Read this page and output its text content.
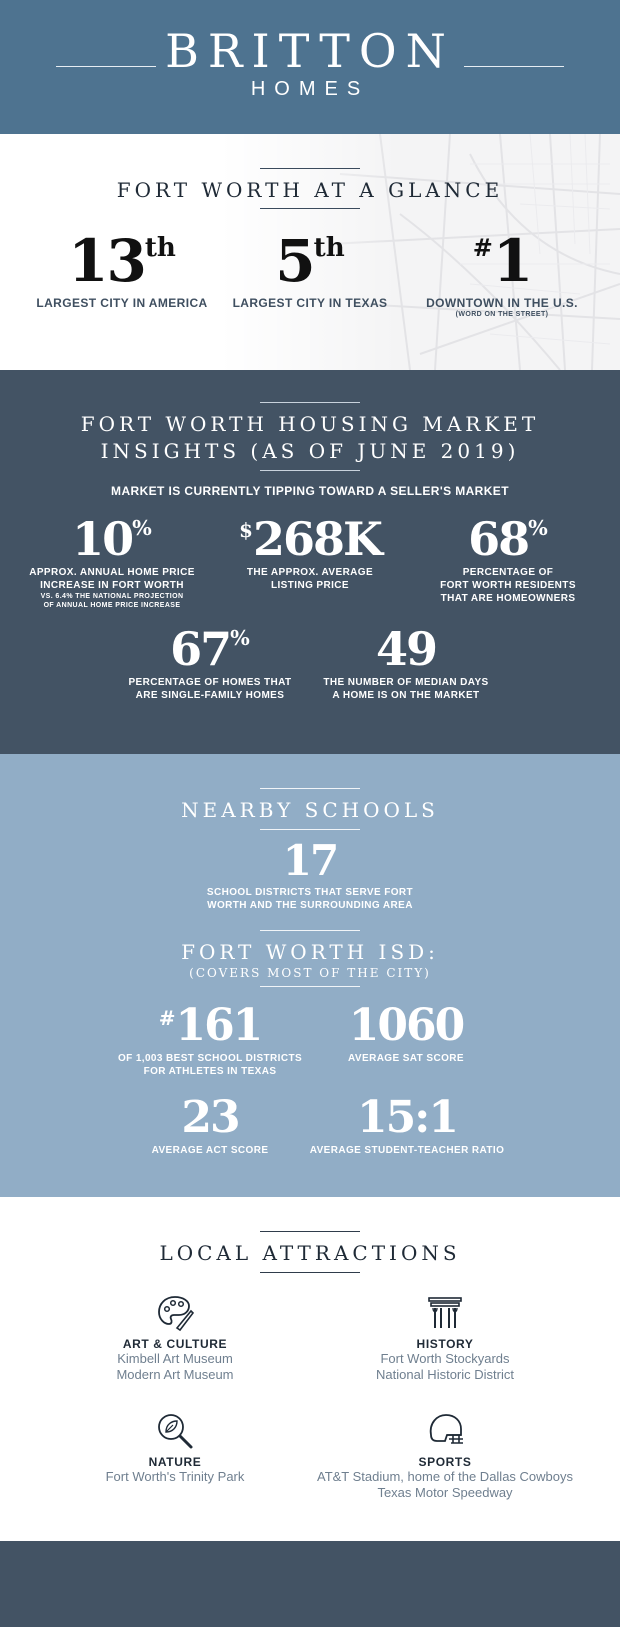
BRITTON
HOMES
FORT WORTH AT A GLANCE
13th
LARGEST CITY IN AMERICA
5th
LARGEST CITY IN TEXAS
#1
DOWNTOWN IN THE U.S.
(WORD ON THE STREET)
FORT WORTH HOUSING MARKET
INSIGHTS (AS OF JUNE 2019)
MARKET IS CURRENTLY TIPPING TOWARD A SELLER'S MARKET
10%
APPROX. ANNUAL HOME PRICE
INCREASE IN FORT WORTH
VS. 6.4% THE NATIONAL PROJECTION
OF ANNUAL HOME PRICE INCREASE
$268K
THE APPROX. AVERAGE
LISTING PRICE
68%
PERCENTAGE OF
FORT WORTH RESIDENTS
THAT ARE HOMEOWNERS
67%
PERCENTAGE OF HOMES THAT
ARE SINGLE-FAMILY HOMES
49
THE NUMBER OF MEDIAN DAYS
A HOME IS ON THE MARKET
NEARBY SCHOOLS
17
SCHOOL DISTRICTS THAT SERVE FORT
WORTH AND THE SURROUNDING AREA
FORT WORTH ISD:
(COVERS MOST OF THE CITY)
#161
OF 1,003 BEST SCHOOL DISTRICTS
FOR ATHLETES IN TEXAS
1060
AVERAGE SAT SCORE
23
AVERAGE ACT SCORE
15:1
AVERAGE STUDENT-TEACHER RATIO
LOCAL ATTRACTIONS
ART & CULTURE
Kimbell Art Museum
Modern Art Museum
HISTORY
Fort Worth Stockyards
National Historic District
NATURE
Fort Worth's Trinity Park
SPORTS
AT&T Stadium, home of the Dallas Cowboys
Texas Motor Speedway
